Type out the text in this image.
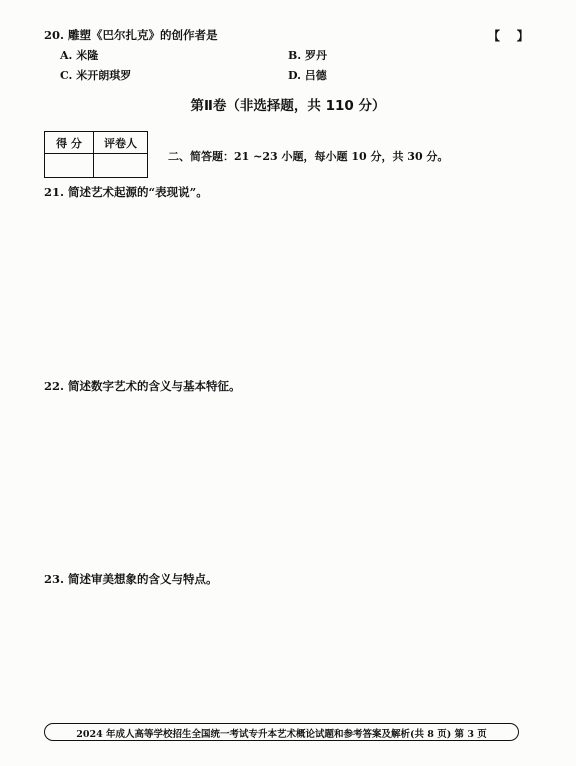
20. 雕塑《巴尔扎克》的创作者是	【    】
A. 米隆	B. 罗丹
C. 米开朗琪罗	D. 吕德
第Ⅱ卷（非选择题，共 110 分）
得 分	评卷人

二、简答题：21 ~23 小题，每小题 10 分，共 30 分。
21. 简述艺术起源的“表现说”。
22. 简述数字艺术的含义与基本特征。
23. 简述审美想象的含义与特点。
2024 年成人高等学校招生全国统一考试专升本艺术概论试题和参考答案及解析(共 8 页) 第 3 页
